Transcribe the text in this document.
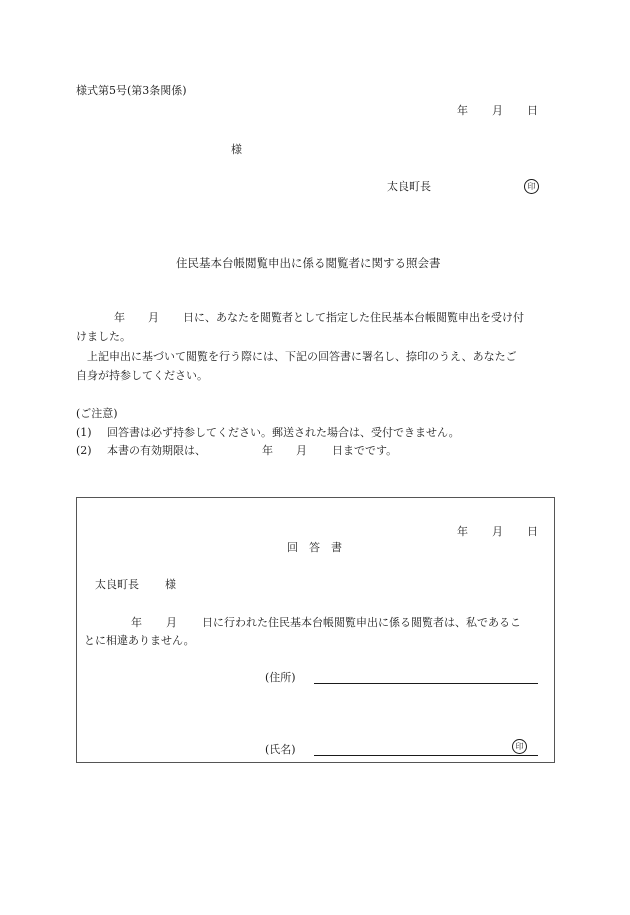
様式第5号(第3条関係)
年 月 日
様
太良町長	印
住民基本台帳閲覧申出に係る閲覧者に関する照会書
年 月 日に、あなたを閲覧者として指定した住民基本台帳閲覧申出を受け付
けました。
上記申出に基づいて閲覧を行う際には、下記の回答書に署名し、捺印のうえ、あなたご
自身が持参してください。
(ご注意)
(1) 回答書は必ず持参してください。郵送された場合は、受付できません。
(2) 本書の有効期限は、	年 月 日までです。
年 月 日
回　答　書
太良町長 様
年 月 日に行われた住民基本台帳閲覧申出に係る閲覧者は、私であるこ
とに相違ありません。
(住所)
(氏名)	印
